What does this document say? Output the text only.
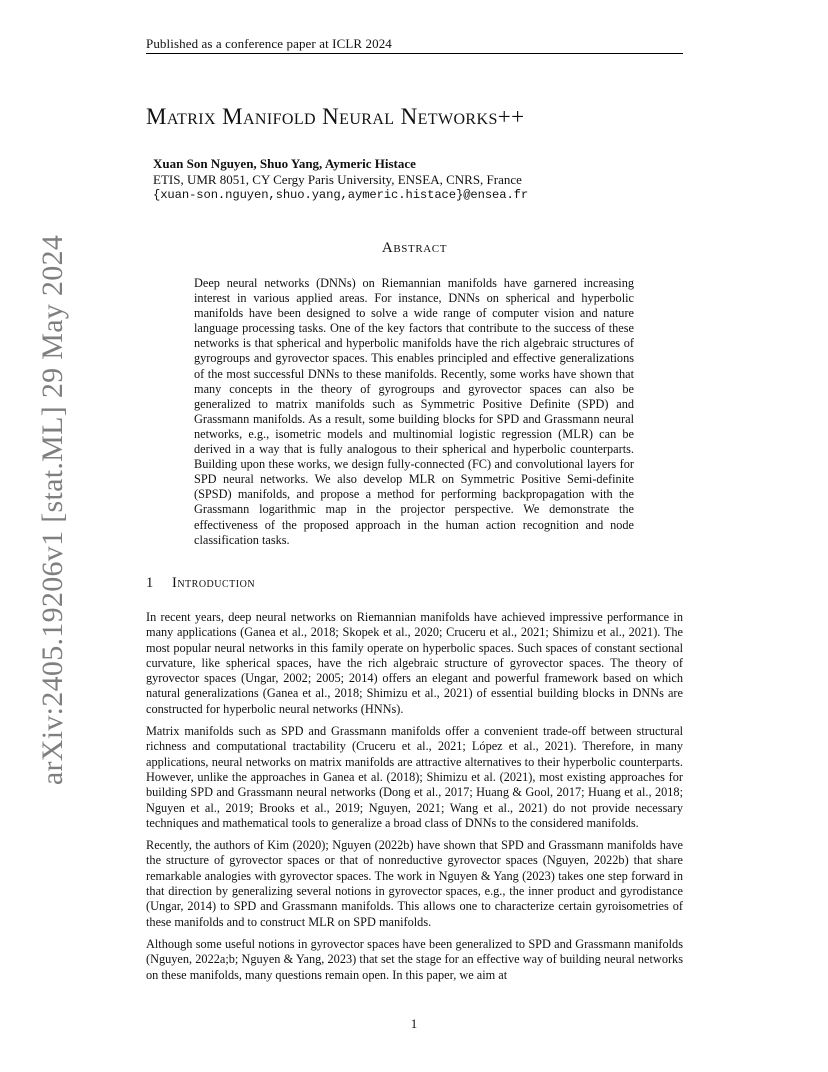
Published as a conference paper at ICLR 2024
Matrix Manifold Neural Networks++
Xuan Son Nguyen, Shuo Yang, Aymeric Histace
ETIS, UMR 8051, CY Cergy Paris University, ENSEA, CNRS, France
{xuan-son.nguyen,shuo.yang,aymeric.histace}@ensea.fr
Abstract

Deep neural networks (DNNs) on Riemannian manifolds have garnered increasing interest in various applied areas. For instance, DNNs on spherical and hyperbolic manifolds have been designed to solve a wide range of computer vision and nature language processing tasks. One of the key factors that contribute to the success of these networks is that spherical and hyperbolic manifolds have the rich algebraic structures of gyrogroups and gyrovector spaces. This enables principled and effective generalizations of the most successful DNNs to these manifolds. Recently, some works have shown that many concepts in the theory of gyrogroups and gyrovector spaces can also be generalized to matrix manifolds such as Symmetric Positive Definite (SPD) and Grassmann manifolds. As a result, some building blocks for SPD and Grassmann neural networks, e.g., isometric models and multinomial logistic regression (MLR) can be derived in a way that is fully analogous to their spherical and hyperbolic counterparts. Building upon these works, we design fully-connected (FC) and convolutional layers for SPD neural networks. We also develop MLR on Symmetric Positive Semi-definite (SPSD) manifolds, and propose a method for performing backpropagation with the Grassmann logarithmic map in the projector perspective. We demonstrate the effectiveness of the proposed approach in the human action recognition and node classification tasks.

1 Introduction

In recent years, deep neural networks on Riemannian manifolds have achieved impressive performance in many applications (Ganea et al., 2018; Skopek et al., 2020; Cruceru et al., 2021; Shimizu et al., 2021). The most popular neural networks in this family operate on hyperbolic spaces. Such spaces of constant sectional curvature, like spherical spaces, have the rich algebraic structure of gyrovector spaces. The theory of gyrovector spaces (Ungar, 2002; 2005; 2014) offers an elegant and powerful framework based on which natural generalizations (Ganea et al., 2018; Shimizu et al., 2021) of essential building blocks in DNNs are constructed for hyperbolic neural networks (HNNs).

Matrix manifolds such as SPD and Grassmann manifolds offer a convenient trade-off between structural richness and computational tractability (Cruceru et al., 2021; López et al., 2021). Therefore, in many applications, neural networks on matrix manifolds are attractive alternatives to their hyperbolic counterparts. However, unlike the approaches in Ganea et al. (2018); Shimizu et al. (2021), most existing approaches for building SPD and Grassmann neural networks (Dong et al., 2017; Huang & Gool, 2017; Huang et al., 2018; Nguyen et al., 2019; Brooks et al., 2019; Nguyen, 2021; Wang et al., 2021) do not provide necessary techniques and mathematical tools to generalize a broad class of DNNs to the considered manifolds.

Recently, the authors of Kim (2020); Nguyen (2022b) have shown that SPD and Grassmann manifolds have the structure of gyrovector spaces or that of nonreductive gyrovector spaces (Nguyen, 2022b) that share remarkable analogies with gyrovector spaces. The work in Nguyen & Yang (2023) takes one step forward in that direction by generalizing several notions in gyrovector spaces, e.g., the inner product and gyrodistance (Ungar, 2014) to SPD and Grassmann manifolds. This allows one to characterize certain gyroisometries of these manifolds and to construct MLR on SPD manifolds.

Although some useful notions in gyrovector spaces have been generalized to SPD and Grassmann manifolds (Nguyen, 2022a;b; Nguyen & Yang, 2023) that set the stage for an effective way of building neural networks on these manifolds, many questions remain open. In this paper, we aim at

1
arXiv:2405.19206v1 [stat.ML] 29 May 2024
